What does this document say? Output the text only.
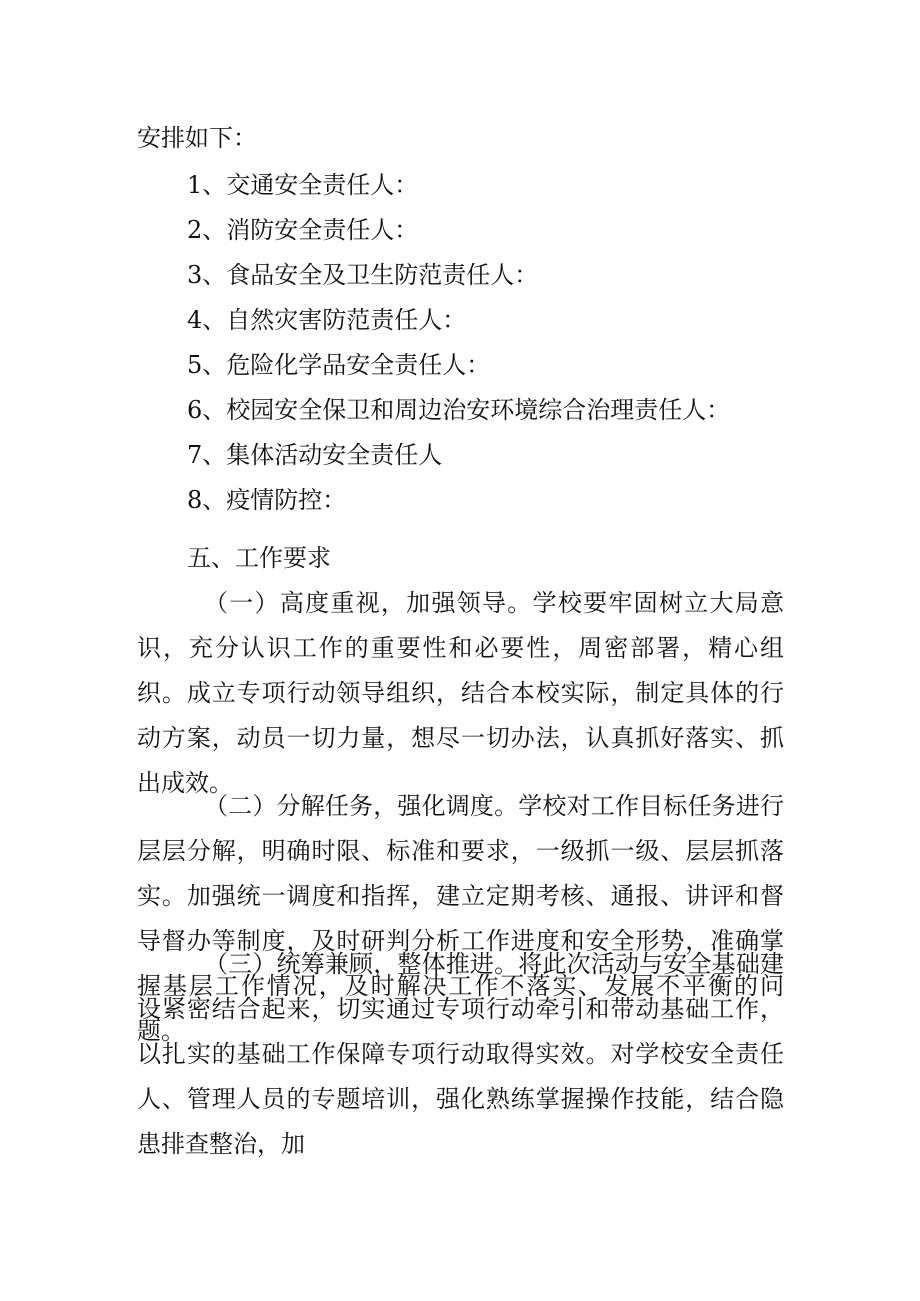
安排如下：
1、交通安全责任人：
2、消防安全责任人：
3、食品安全及卫生防范责任人：
4、自然灾害防范责任人：
5、危险化学品安全责任人：
6、校园安全保卫和周边治安环境综合治理责任人：
7、集体活动安全责任人
8、疫情防控：
五、工作要求
（一）高度重视，加强领导。学校要牢固树立大局意识，充分认识工作的重要性和必要性，周密部署，精心组织。成立专项行动领导组织，结合本校实际，制定具体的行动方案，动员一切力量，想尽一切办法，认真抓好落实、抓出成效。
（二）分解任务，强化调度。学校对工作目标任务进行层层分解，明确时限、标准和要求，一级抓一级、层层抓落实。加强统一调度和指挥，建立定期考核、通报、讲评和督导督办等制度，及时研判分析工作进度和安全形势，准确掌握基层工作情况，及时解决工作不落实、发展不平衡的问题。
（三）统筹兼顾，整体推进。将此次活动与安全基础建设紧密结合起来，切实通过专项行动牵引和带动基础工作，以扎实的基础工作保障专项行动取得实效。对学校安全责任人、管理人员的专题培训，强化熟练掌握操作技能，结合隐患排查整治，加
